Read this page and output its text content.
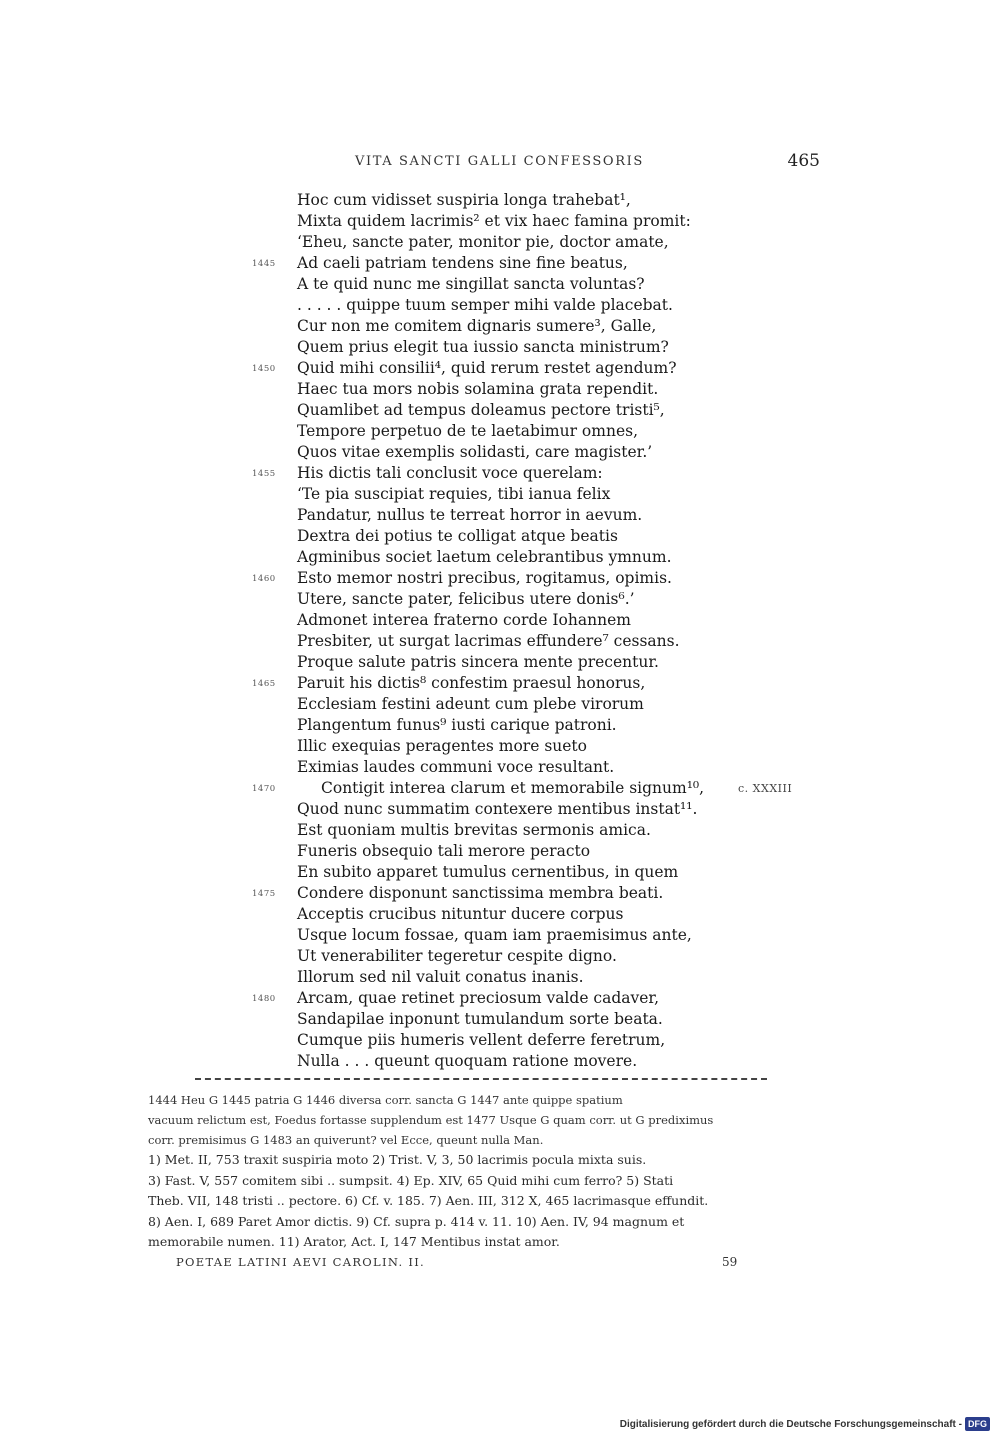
VITA SANCTI GALLI CONFESSORIS	465
Hoc cum vidisset suspiria longa trahebat¹,
Mixta quidem lacrimis² et vix haec famina promit:
‘Eheu, sancte pater, monitor pie, doctor amate,
1445 Ad caeli patriam tendens sine fine beatus,
A te quid nunc me singillat sancta voluntas?
. . . . . quippe tuum semper mihi valde placebat.
Cur non me comitem dignaris sumere³, Galle,
Quem prius elegit tua iussio sancta ministrum?
1450 Quid mihi consilii⁴, quid rerum restet agendum?
Haec tua mors nobis solamina grata rependit.
Quamlibet ad tempus doleamus pectore tristi⁵,
Tempore perpetuo de te laetabimur omnes,
Quos vitae exemplis solidasti, care magister.’
1455 His dictis tali conclusit voce querelam:
‘Te pia suscipiat requies, tibi ianua felix
Pandatur, nullus te terreat horror in aevum.
Dextra dei potius te colligat atque beatis
Agminibus societ laetum celebrantibus ymnum.
1460 Esto memor nostri precibus, rogitamus, opimis.
Utere, sancte pater, felicibus utere donis⁶.’
Admonet interea fraterno corde Iohannem
Presbiter, ut surgat lacrimas effundere⁷ cessans.
Proque salute patris sincera mente precentur.
1465 Paruit his dictis⁸ confestim praesul honorus,
Ecclesiam festini adeunt cum plebe virorum
Plangentum funus⁹ iusti carique patroni.
Illic exequias peragentes more sueto
Eximias laudes communi voce resultant.
1470	Contigit interea clarum et memorabile signum¹⁰,	c. XXXIII
Quod nunc summatim contexere mentibus instat¹¹.
Est quoniam multis brevitas sermonis amica.
Funeris obsequio tali merore peracto
En subito apparet tumulus cernentibus, in quem
1475 Condere disponunt sanctissima membra beati.
Acceptis crucibus nituntur ducere corpus
Usque locum fossae, quam iam praemisimus ante,
Ut venerabiliter tegeretur cespite digno.
Illorum sed nil valuit conatus inanis.
1480 Arcam, quae retinet preciosum valde cadaver,
Sandapilae inponunt tumulandum sorte beata.
Cumque piis humeris vellent deferre feretrum,
Nulla . . . queunt quoquam ratione movere.

1444 Heu G 1445 patria G 1446 diversa corr. sancta G 1447 ante quippe spatium

vacuum relictum est, Foedus fortasse supplendum est 1477 Usque G quam corr. ut G prediximus

corr. premisimus G 1483 an quiverunt? vel Ecce, queunt nulla Man.

1) Met. II, 753 traxit suspiria moto 2) Trist. V, 3, 50 lacrimis pocula mixta suis.

3) Fast. V, 557 comitem sibi .. sumpsit. 4) Ep. XIV, 65 Quid mihi cum ferro? 5) Stati

Theb. VII, 148 tristi .. pectore. 6) Cf. v. 185. 7) Aen. III, 312 X, 465 lacrimasque effundit.

8) Aen. I, 689 Paret Amor dictis. 9) Cf. supra p. 414 v. 11. 10) Aen. IV, 94 magnum et

memorabile numen. 11) Arator, Act. I, 147 Mentibus instat amor.

POETAE LATINI AEVI CAROLIN. II.	59
Digitalisierung gefördert durch die Deutsche Forschungsgemeinschaft - DFG
